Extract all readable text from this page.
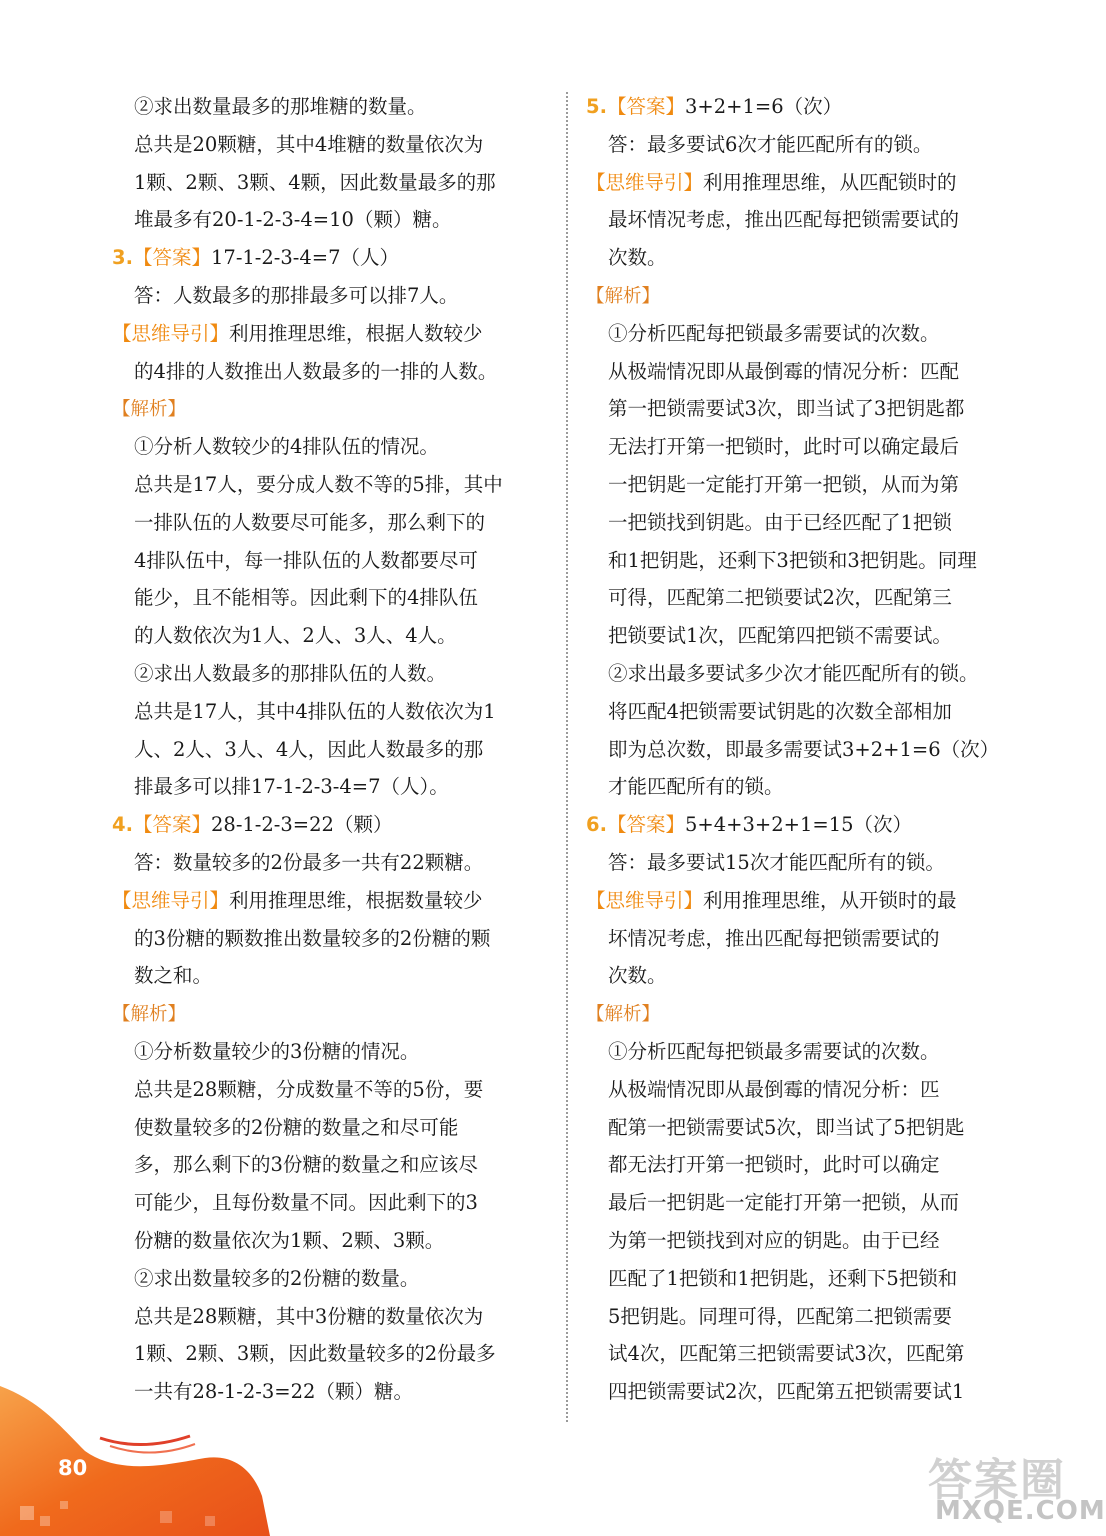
②求出数量最多的那堆糖的数量。
总共是20颗糖，其中4堆糖的数量依次为
1颗、2颗、3颗、4颗，因此数量最多的那
堆最多有20-1-2-3-4=10（颗）糖。
3.【答案】17-1-2-3-4=7（人）
答：人数最多的那排最多可以排7人。
【思维导引】利用推理思维，根据人数较少
的4排的人数推出人数最多的一排的人数。
【解析】
①分析人数较少的4排队伍的情况。
总共是17人，要分成人数不等的5排，其中
一排队伍的人数要尽可能多，那么剩下的
4排队伍中，每一排队伍的人数都要尽可
能少，且不能相等。因此剩下的4排队伍
的人数依次为1人、2人、3人、4人。
②求出人数最多的那排队伍的人数。
总共是17人，其中4排队伍的人数依次为1
人、2人、3人、4人，因此人数最多的那
排最多可以排17-1-2-3-4=7（人）。
4.【答案】28-1-2-3=22（颗）
答：数量较多的2份最多一共有22颗糖。
【思维导引】利用推理思维，根据数量较少
的3份糖的颗数推出数量较多的2份糖的颗
数之和。
【解析】
①分析数量较少的3份糖的情况。
总共是28颗糖，分成数量不等的5份，要
使数量较多的2份糖的数量之和尽可能
多，那么剩下的3份糖的数量之和应该尽
可能少，且每份数量不同。因此剩下的3
份糖的数量依次为1颗、2颗、3颗。
②求出数量较多的2份糖的数量。
总共是28颗糖，其中3份糖的数量依次为
1颗、2颗、3颗，因此数量较多的2份最多
一共有28-1-2-3=22（颗）糖。
5.【答案】3+2+1=6（次）
答：最多要试6次才能匹配所有的锁。
【思维导引】利用推理思维，从匹配锁时的
最坏情况考虑，推出匹配每把锁需要试的
次数。
【解析】
①分析匹配每把锁最多需要试的次数。
从极端情况即从最倒霉的情况分析：匹配
第一把锁需要试3次，即当试了3把钥匙都
无法打开第一把锁时，此时可以确定最后
一把钥匙一定能打开第一把锁，从而为第
一把锁找到钥匙。由于已经匹配了1把锁
和1把钥匙，还剩下3把锁和3把钥匙。同理
可得，匹配第二把锁要试2次，匹配第三
把锁要试1次，匹配第四把锁不需要试。
②求出最多要试多少次才能匹配所有的锁。
将匹配4把锁需要试钥匙的次数全部相加
即为总次数，即最多需要试3+2+1=6（次）
才能匹配所有的锁。
6.【答案】5+4+3+2+1=15（次）
答：最多要试15次才能匹配所有的锁。
【思维导引】利用推理思维，从开锁时的最
坏情况考虑，推出匹配每把锁需要试的
次数。
【解析】
①分析匹配每把锁最多需要试的次数。
从极端情况即从最倒霉的情况分析：匹
配第一把锁需要试5次，即当试了5把钥匙
都无法打开第一把锁时，此时可以确定
最后一把钥匙一定能打开第一把锁，从而
为第一把锁找到对应的钥匙。由于已经
匹配了1把锁和1把钥匙，还剩下5把锁和
5把钥匙。同理可得，匹配第二把锁需要
试4次，匹配第三把锁需要试3次，匹配第
四把锁需要试2次，匹配第五把锁需要试1
80	答案圈
MXQE.COM
